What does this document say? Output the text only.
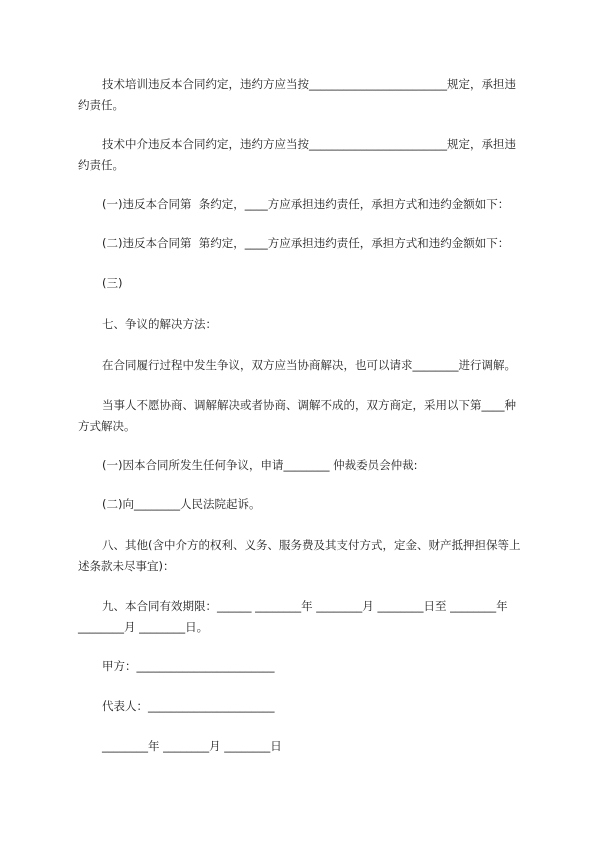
技术培训违反本合同约定，违约方应当按________________________规定，承担违约责任。

技术中介违反本合同约定，违约方应当按________________________规定，承担违约责任。

(一)违反本合同第  条约定，____方应承担违约责任，承担方式和违约金额如下：

(二)违反本合同第  第约定，____方应承担违约责任，承担方式和违约金额如下：

(三)

七、争议的解决方法：

在合同履行过程中发生争议，双方应当协商解决，也可以请求________进行调解。

当事人不愿协商、调解解决或者协商、调解不成的，双方商定，采用以下第____种方式解决。

(一)因本合同所发生任何争议，申请________ 仲裁委员会仲裁:

(二)向________人民法院起诉。

八、其他(含中介方的权利、义务、服务费及其支付方式，定金、财产抵押担保等上述条款未尽事宜)：

九、本合同有效期限：______ ________年 ________月 ________日至 ________年 ________月 ________日。

甲方：________________________

代表人：______________________

________年 ________月 ________日
